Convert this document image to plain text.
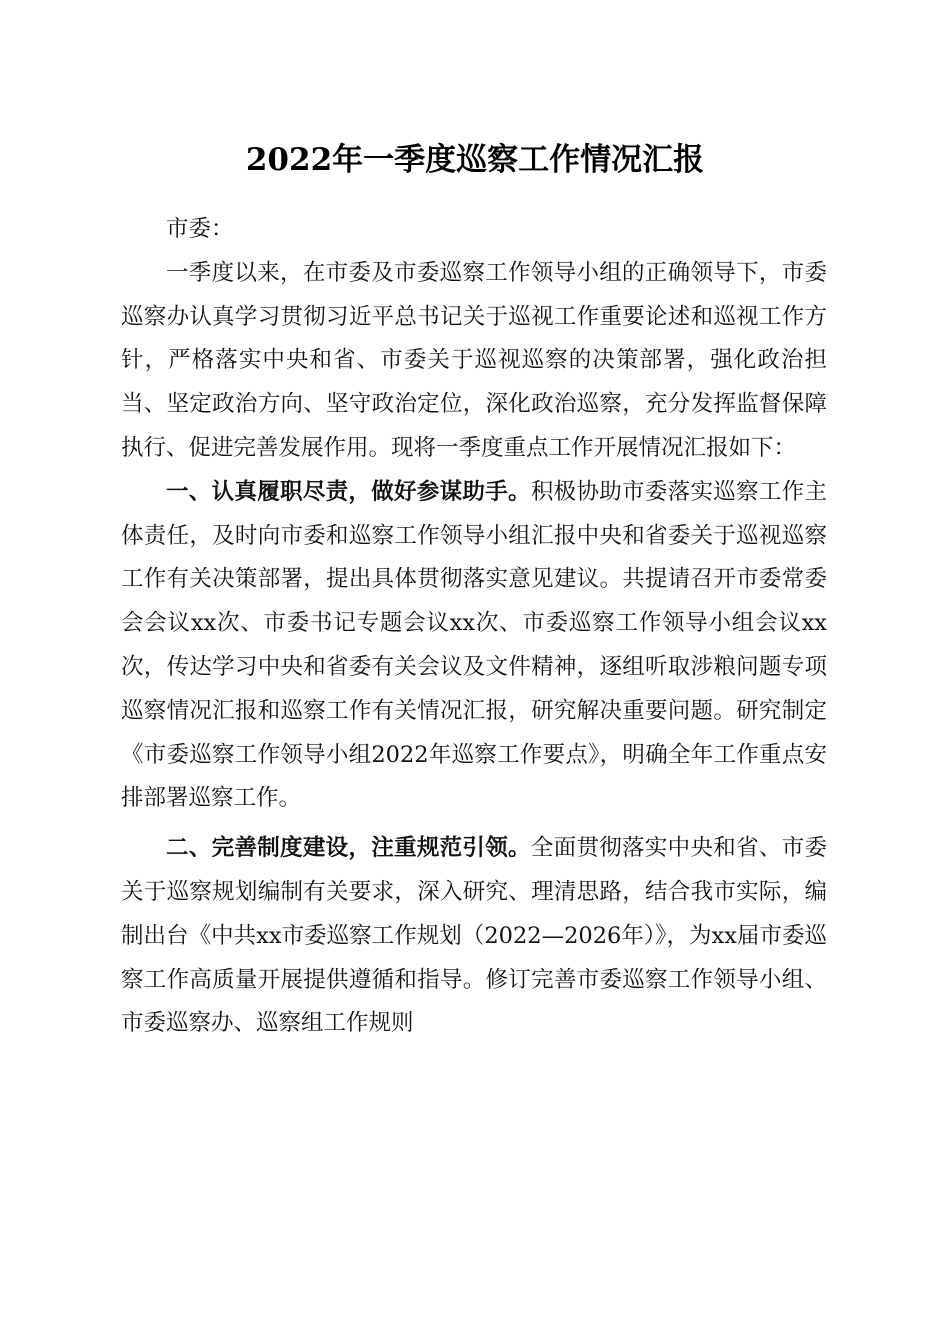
2022年一季度巡察工作情况汇报

市委：

一季度以来，在市委及市委巡察工作领导小组的正确领导下，市委巡察办认真学习贯彻习近平总书记关于巡视工作重要论述和巡视工作方针，严格落实中央和省、市委关于巡视巡察的决策部署，强化政治担当、坚定政治方向、坚守政治定位，深化政治巡察，充分发挥监督保障执行、促进完善发展作用。现将一季度重点工作开展情况汇报如下：

一、认真履职尽责，做好参谋助手。积极协助市委落实巡察工作主体责任，及时向市委和巡察工作领导小组汇报中央和省委关于巡视巡察工作有关决策部署，提出具体贯彻落实意见建议。共提请召开市委常委会会议xx次、市委书记专题会议xx次、市委巡察工作领导小组会议xx次，传达学习中央和省委有关会议及文件精神，逐组听取涉粮问题专项巡察情况汇报和巡察工作有关情况汇报，研究解决重要问题。研究制定《市委巡察工作领导小组2022年巡察工作要点》，明确全年工作重点安排部署巡察工作。

二、完善制度建设，注重规范引领。全面贯彻落实中央和省、市委关于巡察规划编制有关要求，深入研究、理清思路，结合我市实际，编制出台《中共xx市委巡察工作规划（2022—2026年）》，为xx届市委巡察工作高质量开展提供遵循和指导。修订完善市委巡察工作领导小组、市委巡察办、巡察组工作规则
